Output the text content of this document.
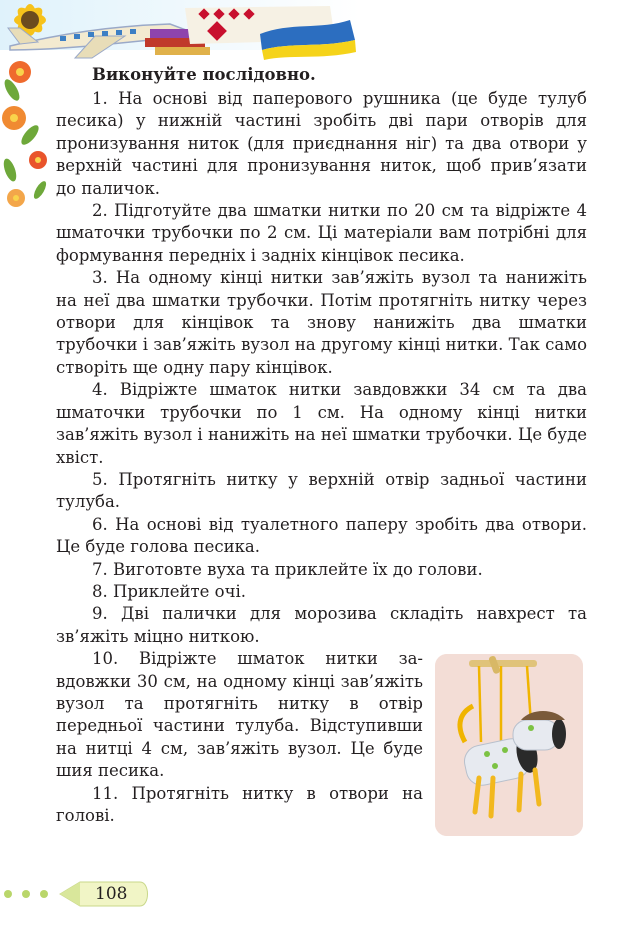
Виконуйте послідовно.

1. На основі від паперового рушника (це буде тулуб песика) у нижній частині зробіть дві пари отворів для пронизування ниток (для приєднання ніг) та два отвори у верхній частині для пронизування ниток, щоб прив’язати до паличок.

2. Підготуйте два шматки нитки по 20 см та відріжте 4 шматочки трубочки по 2 см. Ці матеріали вам потрібні для формування передніх і задніх кінцівок песика.

3. На одному кінці нитки зав’яжіть вузол та нанижіть на неї два шматки трубочки. Потім протягніть нитку через отвори для кінцівок та знову нанижіть два шматки трубочки і зав’яжіть вузол на другому кінці нитки. Так само створіть ще одну пару кінцівок.

4. Відріжте шматок нитки завдовжки 34 см та два шматочки трубочки по 1 см. На одному кінці нитки зав’яжіть вузол і нанижіть на неї шматки трубочки. Це буде хвіст.

5. Протягніть нитку у верхній отвір задньої частини тулуба.

6. На основі від туалетного паперу зробіть два отвори. Це буде голова песика.

7. Виготовте вуха та приклейте їх до голови.

8. Приклейте очі.

9. Дві палички для морозива складіть навхрест та зв’яжіть міцно ниткою.

10. Відріжте шматок нитки завдовжки 30 см, на одному кінці зав’яжіть вузол та протягніть нитку в отвір передньої частини тулуба. Відступивши на нитці 4 см, зав’яжіть вузол. Це буде шия песика.

11. Протягніть нитку в отвори на голові.

108
